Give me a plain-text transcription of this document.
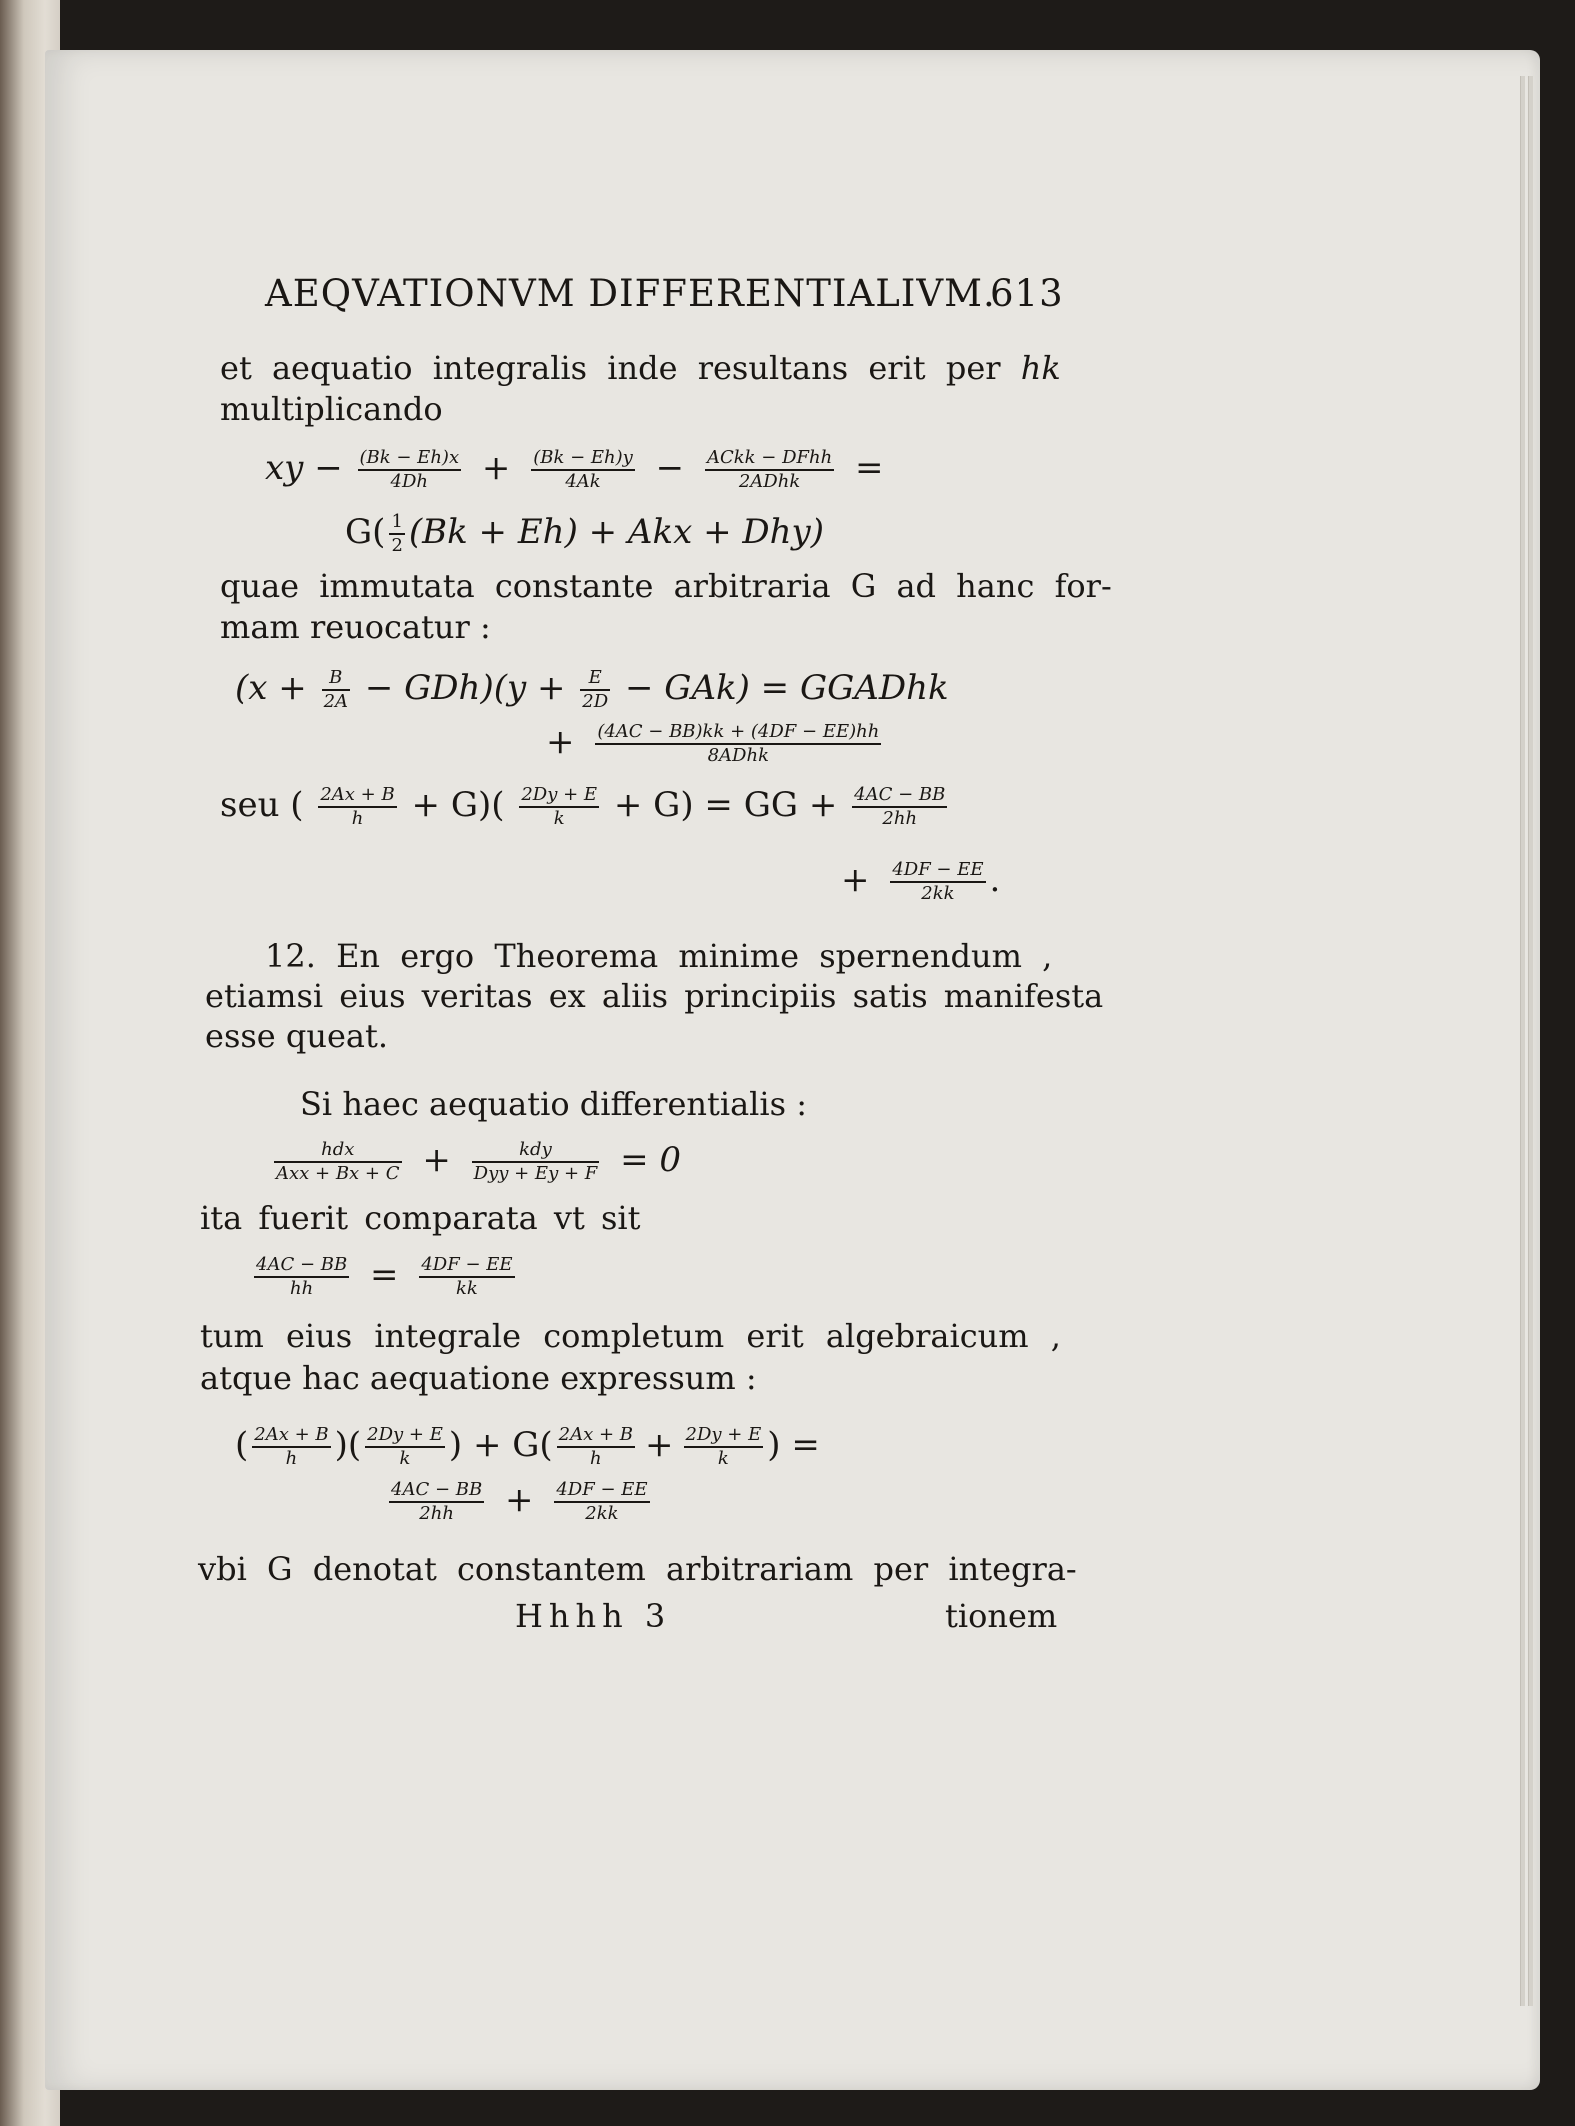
AEQVATIONVM DIFFERENTIALIVM.
613
et aequatio integralis inde resultans erit per hk
multiplicando
xy − $\frac{(Bk - Eh)x}{4Dh} + \frac{(Bk - Eh)y}{4Ak} - \frac{\text{ACkk − DFhh}}{\text{2ADhk}}$ =
$G( \frac{1}{2} (Bk + Eh)$ + Akx + Dhy)
quae immutata constante arbitraria G ad hanc for-
mam reuocatur :
$(x + \frac{B}{2A} - GDh)(y + \frac{E}{2D} - GAk)$ = GGADhk
+ $\frac{(4AC - BB)kk + (4DF - EE)hh}{\text{8ADhk}}$
seu ( $\frac{2Ax + B}{h} + G)( \frac{2Dy + E}{k} + G)$ = GG + $\frac{4AC - BB}{2hh}$
+ $\frac{4DF - EE}{2kk}$ .
12. En ergo Theorema minime spernendum ,
etiamsi eius veritas ex aliis principiis satis manifesta
esse queat.
Si haec aequatio differentialis :
$\frac{\text{hdx}}{\text{Axx + Bx + C}} + \frac{\text{kdy}}{\text{Dyy + Ey + F}} = 0$
ita fuerit comparata vt sit
$\frac{4AC - BB}{hh} = \frac{4DF - EE}{kk}$
tum eius integrale completum erit algebraicum ,
atque hac aequatione expressum :
( $\frac{2Ax + B}{h}$ )( $\frac{2Dy + E}{k}$ ) + $G( \frac{2Ax + B}{h} + \frac{2Dy + E}{k}$ ) =
$\frac{4AC - BB}{2hh} + \frac{4DF - EE}{2kk}$
vbi G denotat constantem arbitrariam per integra-
Hhhh 3	tionem
